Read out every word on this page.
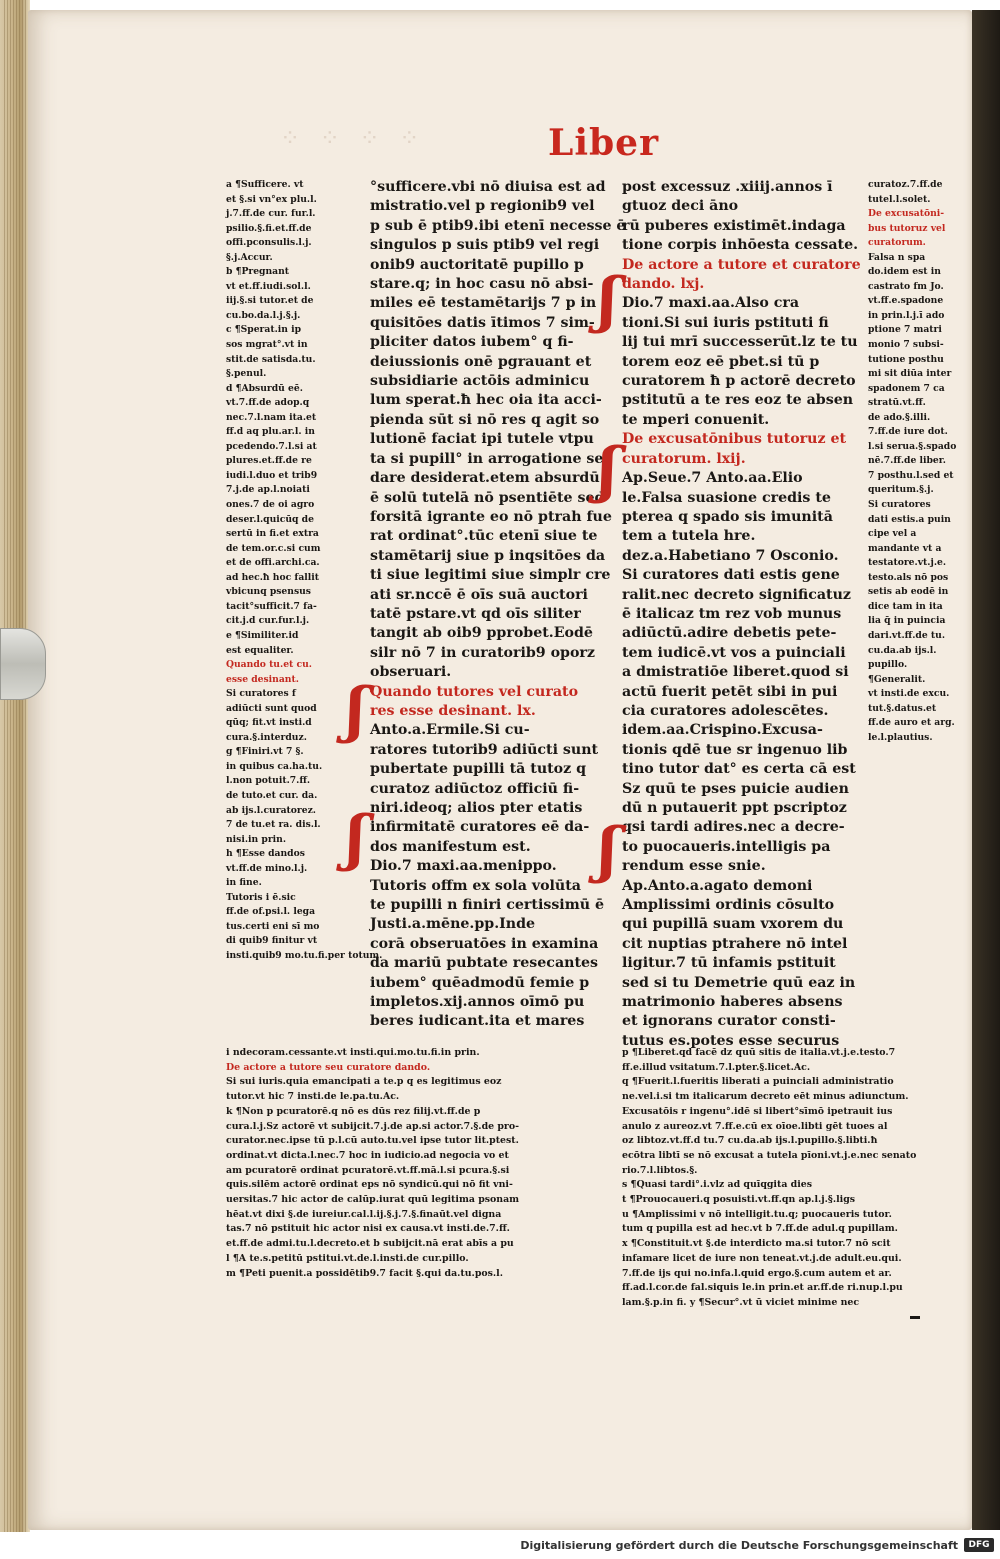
⁘ ⁘ ⁘ ⁘	Liber
a ¶Sufficere. vt
et §.si vn°ex plu.l.
j.7.ff.de cur. fur.l.
psilio.§.fi.et.ff.de
offi.pconsulis.l.j.
§.j.Accur.
b ¶Pregnant
vt et.ff.iudi.sol.l.
iij.§.si tutor.et de
cu.bo.da.l.j.§.j.
c ¶Sperat.in ip
sos mgrat°.vt in
stit.de satisda.tu.
§.penul.
d ¶Absurdū eē.
vt.7.ff.de adop.q
nec.7.l.nam ita.et
ff.d aq plu.ar.l. in
pcedendo.7.l.si at
plures.et.ff.de re
iudi.l.duo et trib9
7.j.de ap.l.noiati
ones.7 de oi agro
deser.l.quicūq de
sertū in fi.et extra
de tem.or.c.si cum
et de offi.archi.ca.
ad hec.ħ hoc fallit
vbicunq psensus
tacit°sufficit.7 fa-
cit.j.d cur.fur.l.j.
e ¶Similiter.id
est equaliter.
Quando tu.et cu.
esse desinant.
Si curatores f
adiūcti sunt quod
qūq; fit.vt insti.d
cura.§.interduz.
g ¶Finiri.vt 7 §.
in quibus ca.ha.tu.
l.non potuit.7.ff.
de tuto.et cur. da.
ab ijs.l.curatorez.
7 de tu.et ra. dis.l.
nisi.in prin.
h ¶Esse dandos
vt.ff.de mino.l.j.
in fine.
Tutoris i ē.sic
ff.de of.psi.l. lega
tus.certi eni sī mo
di quib9 finitur vt
insti.quib9 mo.tu.fi.per totum.
°sufficere.vbi nō diuisa est ad
mistratio.vel p regionib9 vel
p sub ē ptib9.ibi etenī necesse ē
singulos p suis ptib9 vel regi
onib9 auctoritatē pupillo p
stare.q; in hoc casu nō absi-
miles eē testamētarijs 7 p in
quisitōes datis ītimos 7 sim-
pliciter datos iubem° q fi-
deiussionis onē pgrauant et
subsidiarie actōis adminicu
lum sperat.ħ hec oia ita acci-
pienda sūt si nō res q agit so
lutionē faciat ipi tutele vtpu
ta si pupill° in arrogatione se
dare desiderat.etem absurdū
ē solū tutelā nō psentiēte sed
forsitā igrante eo nō ptrah fue
rat ordinat°.tūc etenī siue te
stamētarij siue p inqsitōes da
ti siue legitimi siue simplr cre
ati sr.nccē ē oīs suā auctori
tatē pstare.vt qd oīs siliter
tangit ab oib9 pprobet.Eodē
silr nō 7 in curatorib9 oporz
obseruari.
Quando tutores vel curato
res esse desinant. lx.
Anto.a.Ermile.Si cu-
ratores tutorib9 adiūcti sunt
pubertate pupilli tā tutoz q
curatoz adiūctoz officiū fi-
niri.ideoq; alios pter etatis
infirmitatē curatores eē da-
dos manifestum est.
Dio.7 maxi.aa.menippo.
Tutoris offm ex sola volūta
te pupilli n finiri certissimū ē
Justi.a.mēne.pp.Inde
corā obseruatōes in examina
da mariū pubtate resecantes
iubem° quēadmodū femie p
impletos.xij.annos oīmō pu
beres iudicant.ita et mares
post excessuz .xiiij.annos ī
gtuoz deci āno
rū puberes existimēt.indaga
tione corpis inhōesta cessate.
De actore a tutore et curatore
dando. lxj.
Dio.7 maxi.aa.Also cra
tioni.Si sui iuris pstituti fi
lij tui mrī successerūt.lz te tu
torem eoz eē pbet.si tū p
curatorem ħ p actorē decreto
pstitutū a te res eoz te absen
te mperi conuenit.
De excusatōnibus tutoruz et
curatorum. lxij.
Ap.Seue.7 Anto.aa.Elio
le.Falsa suasione credis te
pterea q spado sis imunitā
tem a tutela hre.
dez.a.Habetiano 7 Osconio.
Si curatores dati estis gene
ralit.nec decreto significatuz
ē italicaz tm rez vob munus
adiūctū.adire debetis pete-
tem iudicē.vt vos a puinciali
a dmistratiōe liberet.quod si
actū fuerit petēt sibi in pui
cia curatores adolescētes.
idem.aa.Crispino.Excusa-
tionis qdē tue sr ingenuo lib
tino tutor dat° es certa cā est
Sz quū te pses puicie audien
dū n putauerit ppt pscriptoz
qsi tardi adires.nec a decre-
to puocaueris.intelligis pa
rendum esse snie.
Ap.Anto.a.agato demoni
Amplissimi ordinis cōsulto
qui pupillā suam vxorem du
cit nuptias ptrahere nō intel
ligitur.7 tū infamis pstituit
sed si tu Demetrie quū eaz in
matrimonio haberes absens
et ignorans curator consti-
tutus es.potes esse securus
curatoz.7.ff.de
tutel.l.solet.
De excusatōni-
bus tutoruz vel
curatorum.
Falsa n spa
do.idem est in
castrato fm Jo.
vt.ff.e.spadone
in prin.l.j.ī ado
ptione 7 matri
monio 7 subsi-
tutione posthu
mi sit diūa inter
spadonem 7 ca
stratū.vt.ff.
de ado.§.illi.
7.ff.de iure dot.
l.si serua.§.spado
nē.7.ff.de liber.
7 posthu.l.sed et
queritum.§.j.
Si curatores
dati estis.a puin
cipe vel a
mandante vt a
testatore.vt.j.e.
testo.als nō pos
setis ab eodē in
dice tam in ita
lia q̄ in puincia
dari.vt.ff.de tu.
cu.da.ab ijs.l.
pupillo.
¶Generalit.
vt insti.de excu.
tut.§.datus.et
ff.de auro et arg.
le.l.plautius.
i ndecoram.cessante.vt insti.qui.mo.tu.fi.in prin.
De actore a tutore seu curatore dando.
Si sui iuris.quia emancipati a te.p q es legitimus eoz
tutor.vt hic 7 insti.de le.pa.tu.Ac.
k ¶Non p pcuratorē.q nō es dūs rez filij.vt.ff.de p
cura.l.j.Sz actorē vt subijcit.7.j.de ap.si actor.7.§.de pro-
curator.nec.ipse tū p.l.cū auto.tu.vel ipse tutor lit.ptest.
ordinat.vt dicta.l.nec.7 hoc in iudicio.ad negocia vo et
am pcuratorē ordinat pcuratorē.vt.ff.mā.l.si pcura.§.si
quis.silēm actorē ordinat eps nō syndicū.qui nō fit vni-
uersitas.7 hic actor de calūp.iurat quū legitima psonam
hēat.vt dixi §.de iureiur.cal.l.ij.§.j.7.§.finaūt.vel digna
tas.7 nō pstituit hic actor nisi ex causa.vt insti.de.7.ff.
et.ff.de admi.tu.l.decreto.et b subijcit.nā erat abīs a pu
l ¶A te.s.petitū pstitui.vt.de.l.insti.de cur.pillo.
m ¶Peti puenit.a possidētib9.7 facit §.qui da.tu.pos.l.
p ¶Liberet.qd facē dz quū sitis de italia.vt.j.e.testo.7
ff.e.illud vsitatum.7.l.pter.§.licet.Ac.
q ¶Fuerit.l.fueritis liberati a puinciali administratio
ne.vel.i.si tm italicarum decreto eēt minus adiunctum.
Excusatōis r ingenu°.idē si libert°sīmō ipetrauit ius
anulo z aureoz.vt 7.ff.e.cū ex oīoe.libti gēt tuoes al
oz libtoz.vt.ff.d tu.7 cu.da.ab ijs.l.pupillo.§.libti.ħ
ecōtra libtī se nō excusat a tutela pīoni.vt.j.e.nec senato
rio.7.l.libtos.§.
s ¶Quasi tardi°.i.vlz ad quīqgita dies
t ¶Prouocaueri.q posuisti.vt.ff.qn ap.l.j.§.ligs
u ¶Amplissimi v nō intelligit.tu.q; puocaueris tutor.
tum q pupilla est ad hec.vt b 7.ff.de adul.q pupillam.
x ¶Constituit.vt §.de interdicto ma.si tutor.7 nō scit
infamare licet de iure non teneat.vt.j.de adult.eu.qui.
7.ff.de ijs qui no.infa.l.quid ergo.§.cum autem et ar.
ff.ad.l.cor.de fal.siquis le.in prin.et ar.ff.de ri.nup.l.pu
lam.§.p.in fi. y ¶Secur°.vt ū viciet minime nec
ʃ
ʃ
ʃ
ʃ
ʃ
Digitalisierung gefördert durch die Deutsche Forschungsgemeinschaft	DFG
